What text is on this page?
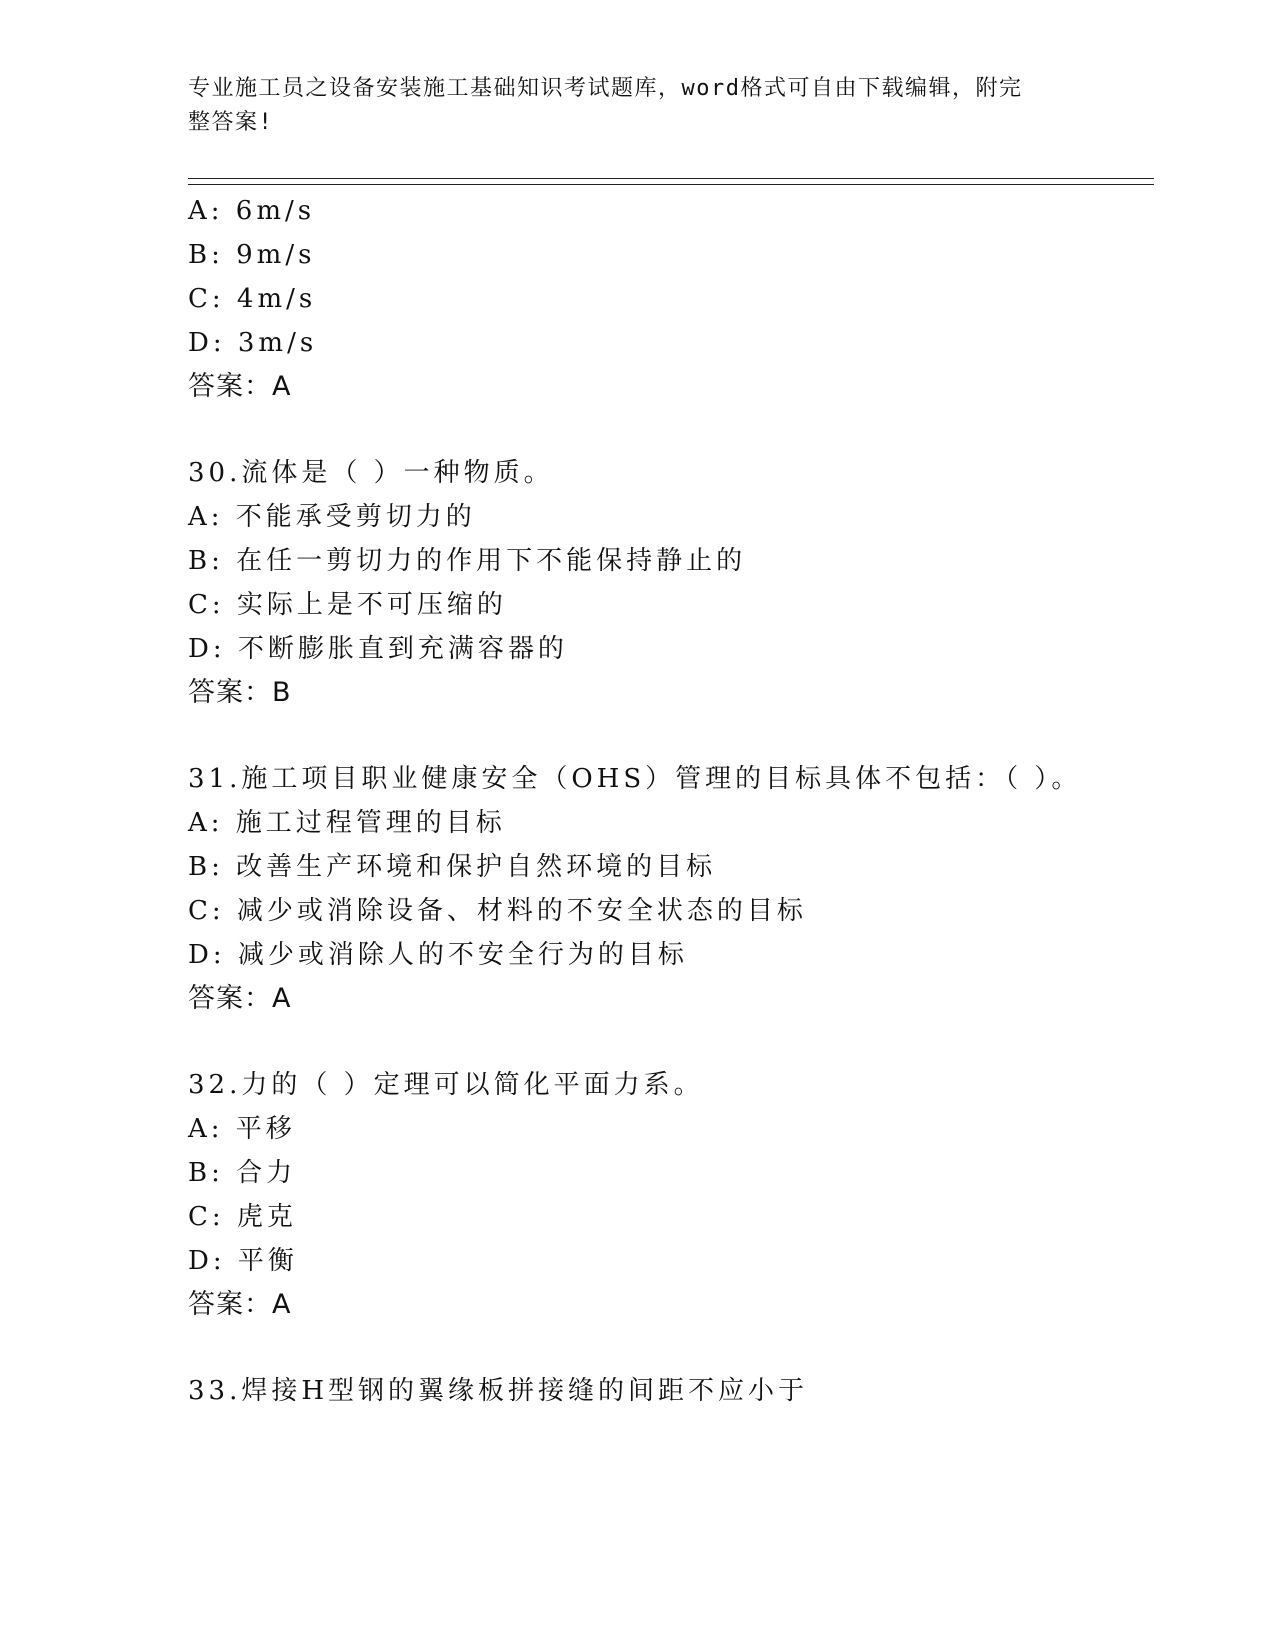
专业施工员之设备安装施工基础知识考试题库，word格式可自由下载编辑，附完
整答案!
A: 6m/s
B: 9m/s
C: 4m/s
D: 3m/s
答案：A
30.流体是（ ）一种物质。
A: 不能承受剪切力的
B: 在任一剪切力的作用下不能保持静止的
C: 实际上是不可压缩的
D: 不断膨胀直到充满容器的
答案：B
31.施工项目职业健康安全（OHS）管理的目标具体不包括：（ ）。
A: 施工过程管理的目标
B: 改善生产环境和保护自然环境的目标
C: 减少或消除设备、材料的不安全状态的目标
D: 减少或消除人的不安全行为的目标
答案：A
32.力的（ ）定理可以简化平面力系。
A: 平移
B: 合力
C: 虎克
D: 平衡
答案：A
33.焊接H型钢的翼缘板拼接缝的间距不应小于
